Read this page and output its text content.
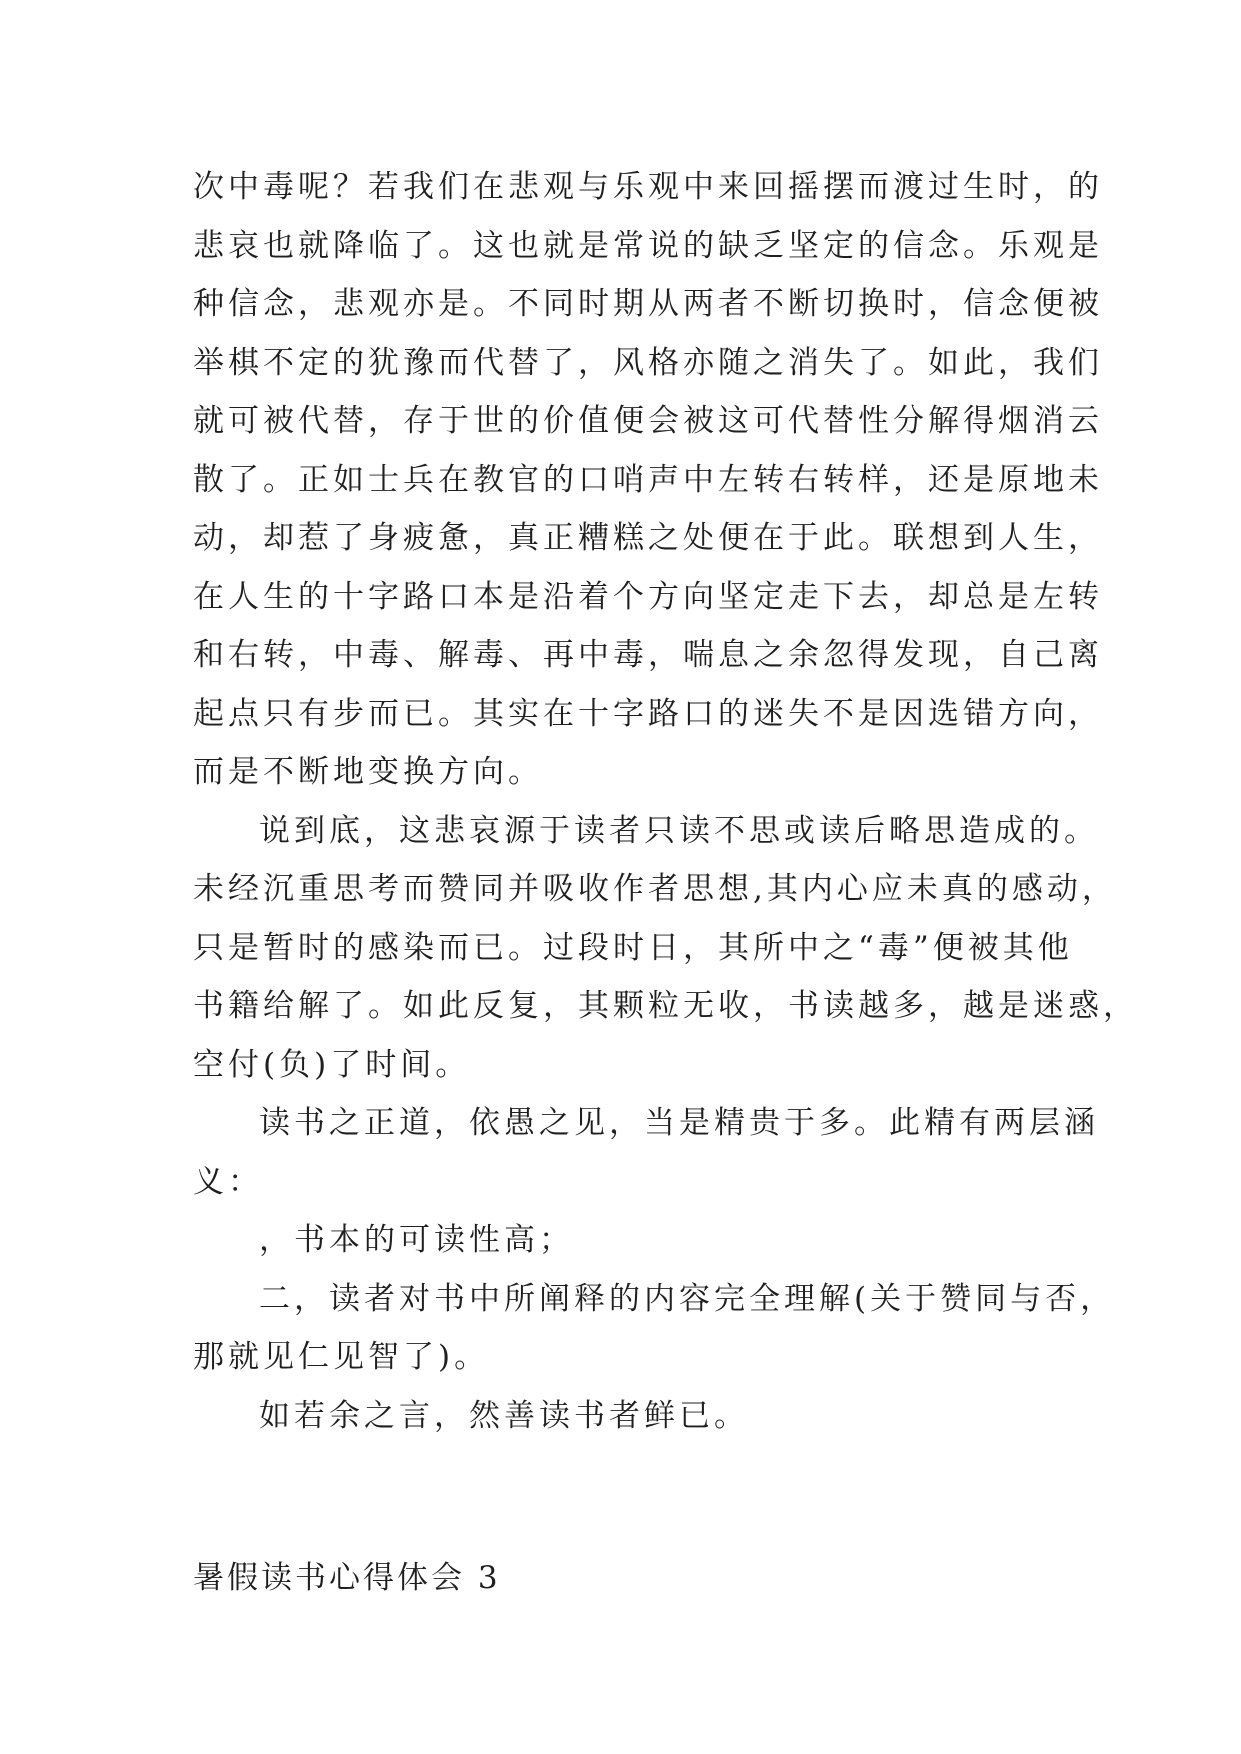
次中毒呢？若我们在悲观与乐观中来回摇摆而渡过生时，的
悲哀也就降临了。这也就是常说的缺乏坚定的信念。乐观是
种信念，悲观亦是。不同时期从两者不断切换时，信念便被
举棋不定的犹豫而代替了，风格亦随之消失了。如此，我们
就可被代替，存于世的价值便会被这可代替性分解得烟消云
散了。正如士兵在教官的口哨声中左转右转样，还是原地未
动，却惹了身疲惫，真正糟糕之处便在于此。联想到人生，
在人生的十字路口本是沿着个方向坚定走下去，却总是左转
和右转，中毒、解毒、再中毒，喘息之余忽得发现，自己离
起点只有步而已。其实在十字路口的迷失不是因选错方向，
而是不断地变换方向。
说到底，这悲哀源于读者只读不思或读后略思造成的。
未经沉重思考而赞同并吸收作者思想,其内心应未真的感动，
只是暂时的感染而已。过段时日，其所中之“毒”便被其他
书籍给解了。如此反复，其颗粒无收，书读越多，越是迷惑，
空付(负)了时间。
读书之正道，依愚之见，当是精贵于多。此精有两层涵
义：
，书本的可读性高；
二，读者对书中所阐释的内容完全理解(关于赞同与否，
那就见仁见智了)。
如若余之言，然善读书者鲜已。
暑假读书心得体会 3
